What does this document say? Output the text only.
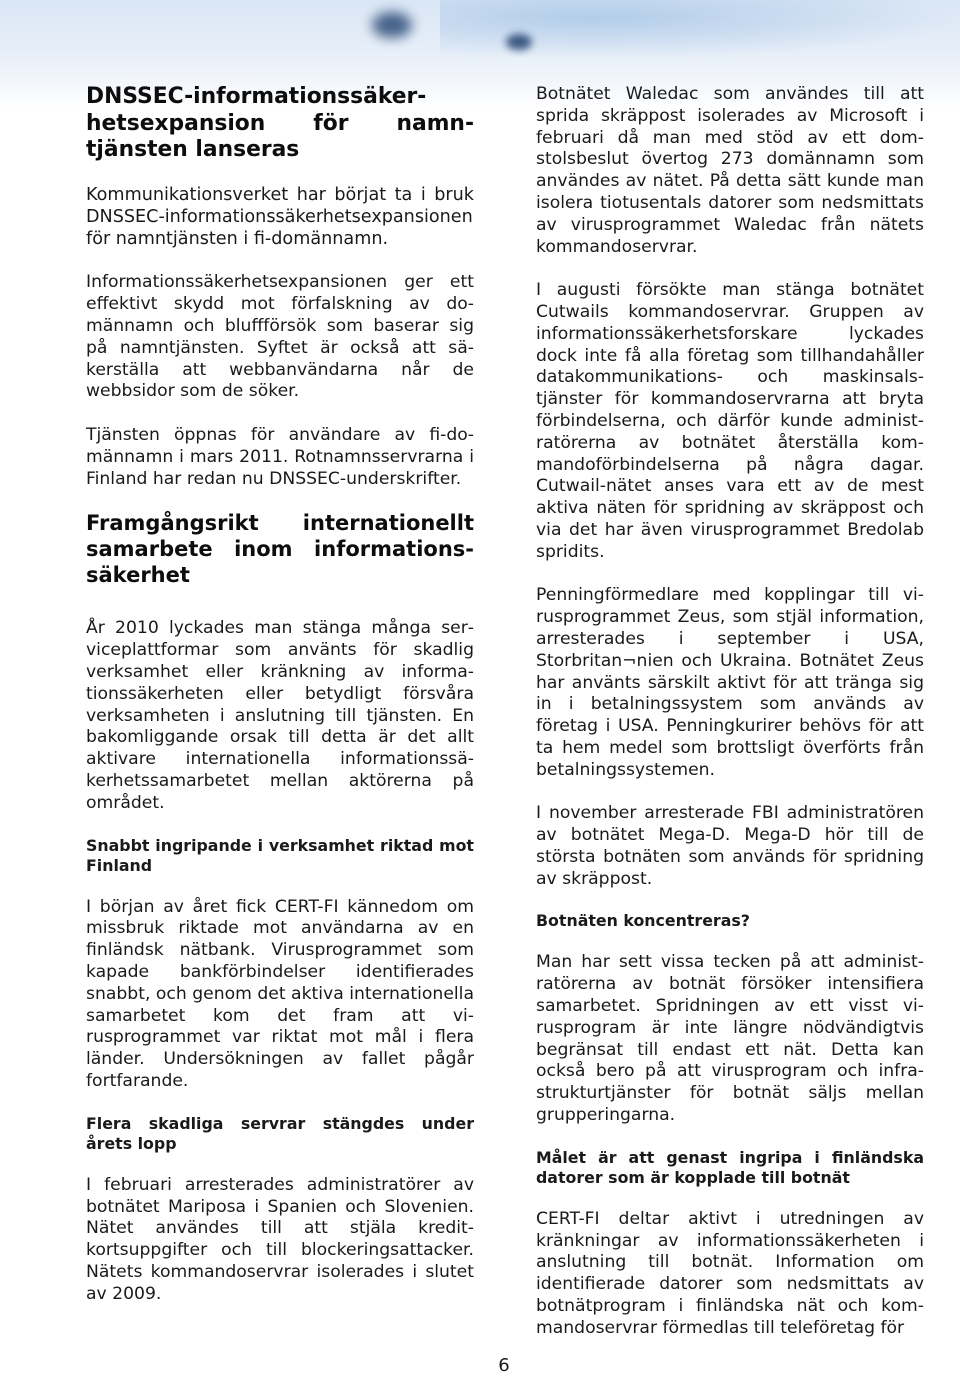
DNSSEC-informationssäkerhetsexpansion för namntjänsten lanseras

Kommunikationsverket har börjat ta i bruk DNSSEC-informationssäkerhetsexpansionen för namntjänsten i fi-domännamn.

Informationssäkerhetsexpansionen ger ett effektivt skydd mot förfalskning av domännamn och bluffförsök som baserar sig på namntjänsten. Syftet är också att säkerställa att webbanvändarna når de webbsidor som de söker.

Tjänsten öppnas för användare av fi-domännamn i mars 2011. Rotnamnsservrarna i Finland har redan nu DNSSEC-underskrifter.

Framgångsrikt internationellt samarbete inom informationssäkerhet

År 2010 lyckades man stänga många serviceplattformar som använts för skadlig verksamhet eller kränkning av informationssäkerheten eller betydligt försvåra verksamheten i anslutning till tjänsten. En bakomliggande orsak till detta är det allt aktivare internationella informationssäkerhetssamarbetet mellan aktörerna på området.

Snabbt ingripande i verksamhet riktad mot Finland

I början av året fick CERT-FI kännedom om missbruk riktade mot användarna av en finländsk nätbank. Virusprogrammet som kapade bankförbindelser identifierades snabbt, och genom det aktiva internationella samarbetet kom det fram att virusprogrammet var riktat mot mål i flera länder. Undersökningen av fallet pågår fortfarande.

Flera skadliga servrar stängdes under årets lopp

I februari arresterades administratörer av botnätet Mariposa i Spanien och Slovenien. Nätet användes till att stjäla kreditkortsuppgifter och till blockeringsattacker. Nätets kommandoservrar isolerades i slutet av 2009.

Botnätet Waledac som användes till att sprida skräppost isolerades av Microsoft i februari då man med stöd av ett domstolsbeslut övertog 273 domännamn som användes av nätet. På detta sätt kunde man isolera tiotusentals datorer som nedsmittats av virusprogrammet Waledac från nätets kommandoservrar.

I augusti försökte man stänga botnätet Cutwails kommandoservrar. Gruppen av informationssäkerhetsforskare lyckades dock inte få alla företag som tillhandahåller datakommunikations- och maskinsalstjänster för kommandoservrarna att bryta förbindelserna, och därför kunde administratörerna av botnätet återställa kommandoförbindelserna på några dagar. Cutwail-nätet anses vara ett av de mest aktiva näten för spridning av skräppost och via det har även virusprogrammet Bredolab spridits.

Penningförmedlare med kopplingar till virusprogrammet Zeus, som stjäl information, arresterades i september i USA, Storbritan¬nien och Ukraina. Botnätet Zeus har använts särskilt aktivt för att tränga sig in i betalningssystem som används av företag i USA. Penningkurirer behövs för att ta hem medel som brottsligt överförts från betalningssystemen.

I november arresterade FBI administratören av botnätet Mega-D. Mega-D hör till de största botnäten som används för spridning av skräppost.

Botnäten koncentreras?

Man har sett vissa tecken på att administratörerna av botnät försöker intensifiera samarbetet. Spridningen av ett visst virusprogram är inte längre nödvändigtvis begränsat till endast ett nät. Detta kan också bero på att virusprogram och infrastrukturtjänster för botnät säljs mellan grupperingarna.

Målet är att genast ingripa i finländska datorer som är kopplade till botnät

CERT-FI deltar aktivt i utredningen av kränkningar av informationssäkerheten i anslutning till botnät. Information om identifierade datorer som nedsmittats av botnätprogram i finländska nät och kommandoservrar förmedlas till teleföretag för

6
